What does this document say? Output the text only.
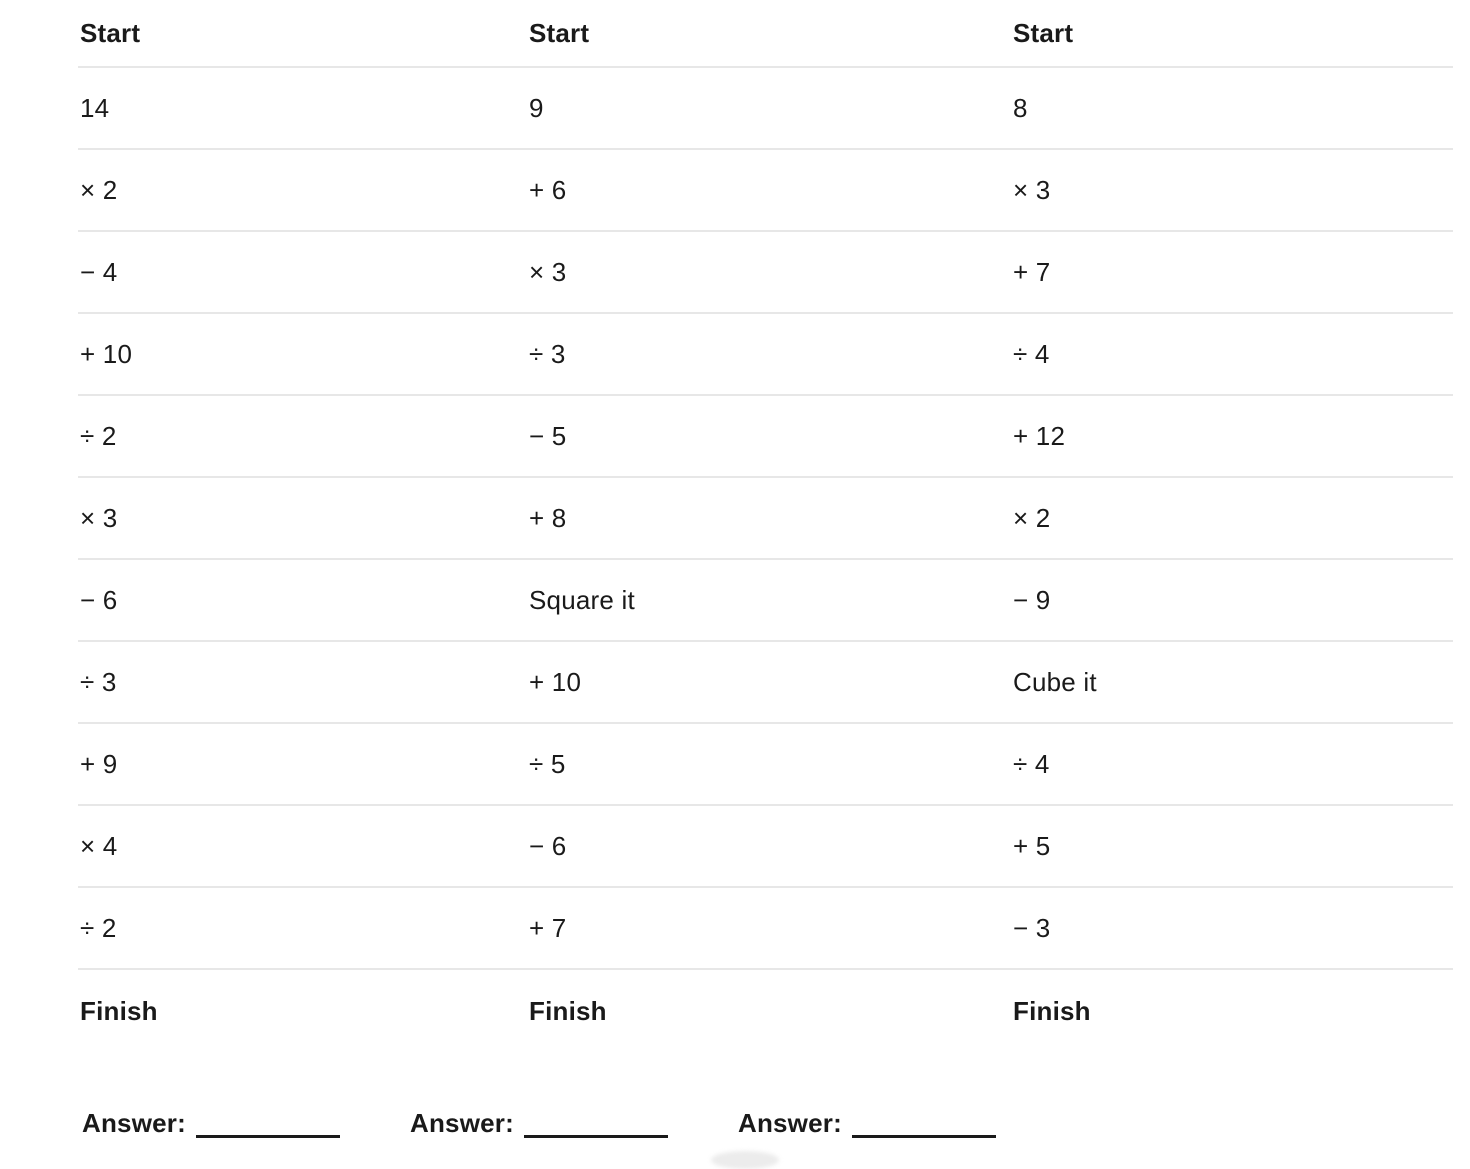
Start	Start	Start
14	9	8
× 2	+ 6	× 3
− 4	× 3	+ 7
+ 10	÷ 3	÷ 4
÷ 2	− 5	+ 12
× 3	+ 8	× 2
− 6	Square it	− 9
÷ 3	+ 10	Cube it
+ 9	÷ 5	÷ 4
× 4	− 6	+ 5
÷ 2	+ 7	− 3
Finish	Finish	Finish
Answer:	Answer:	Answer:
